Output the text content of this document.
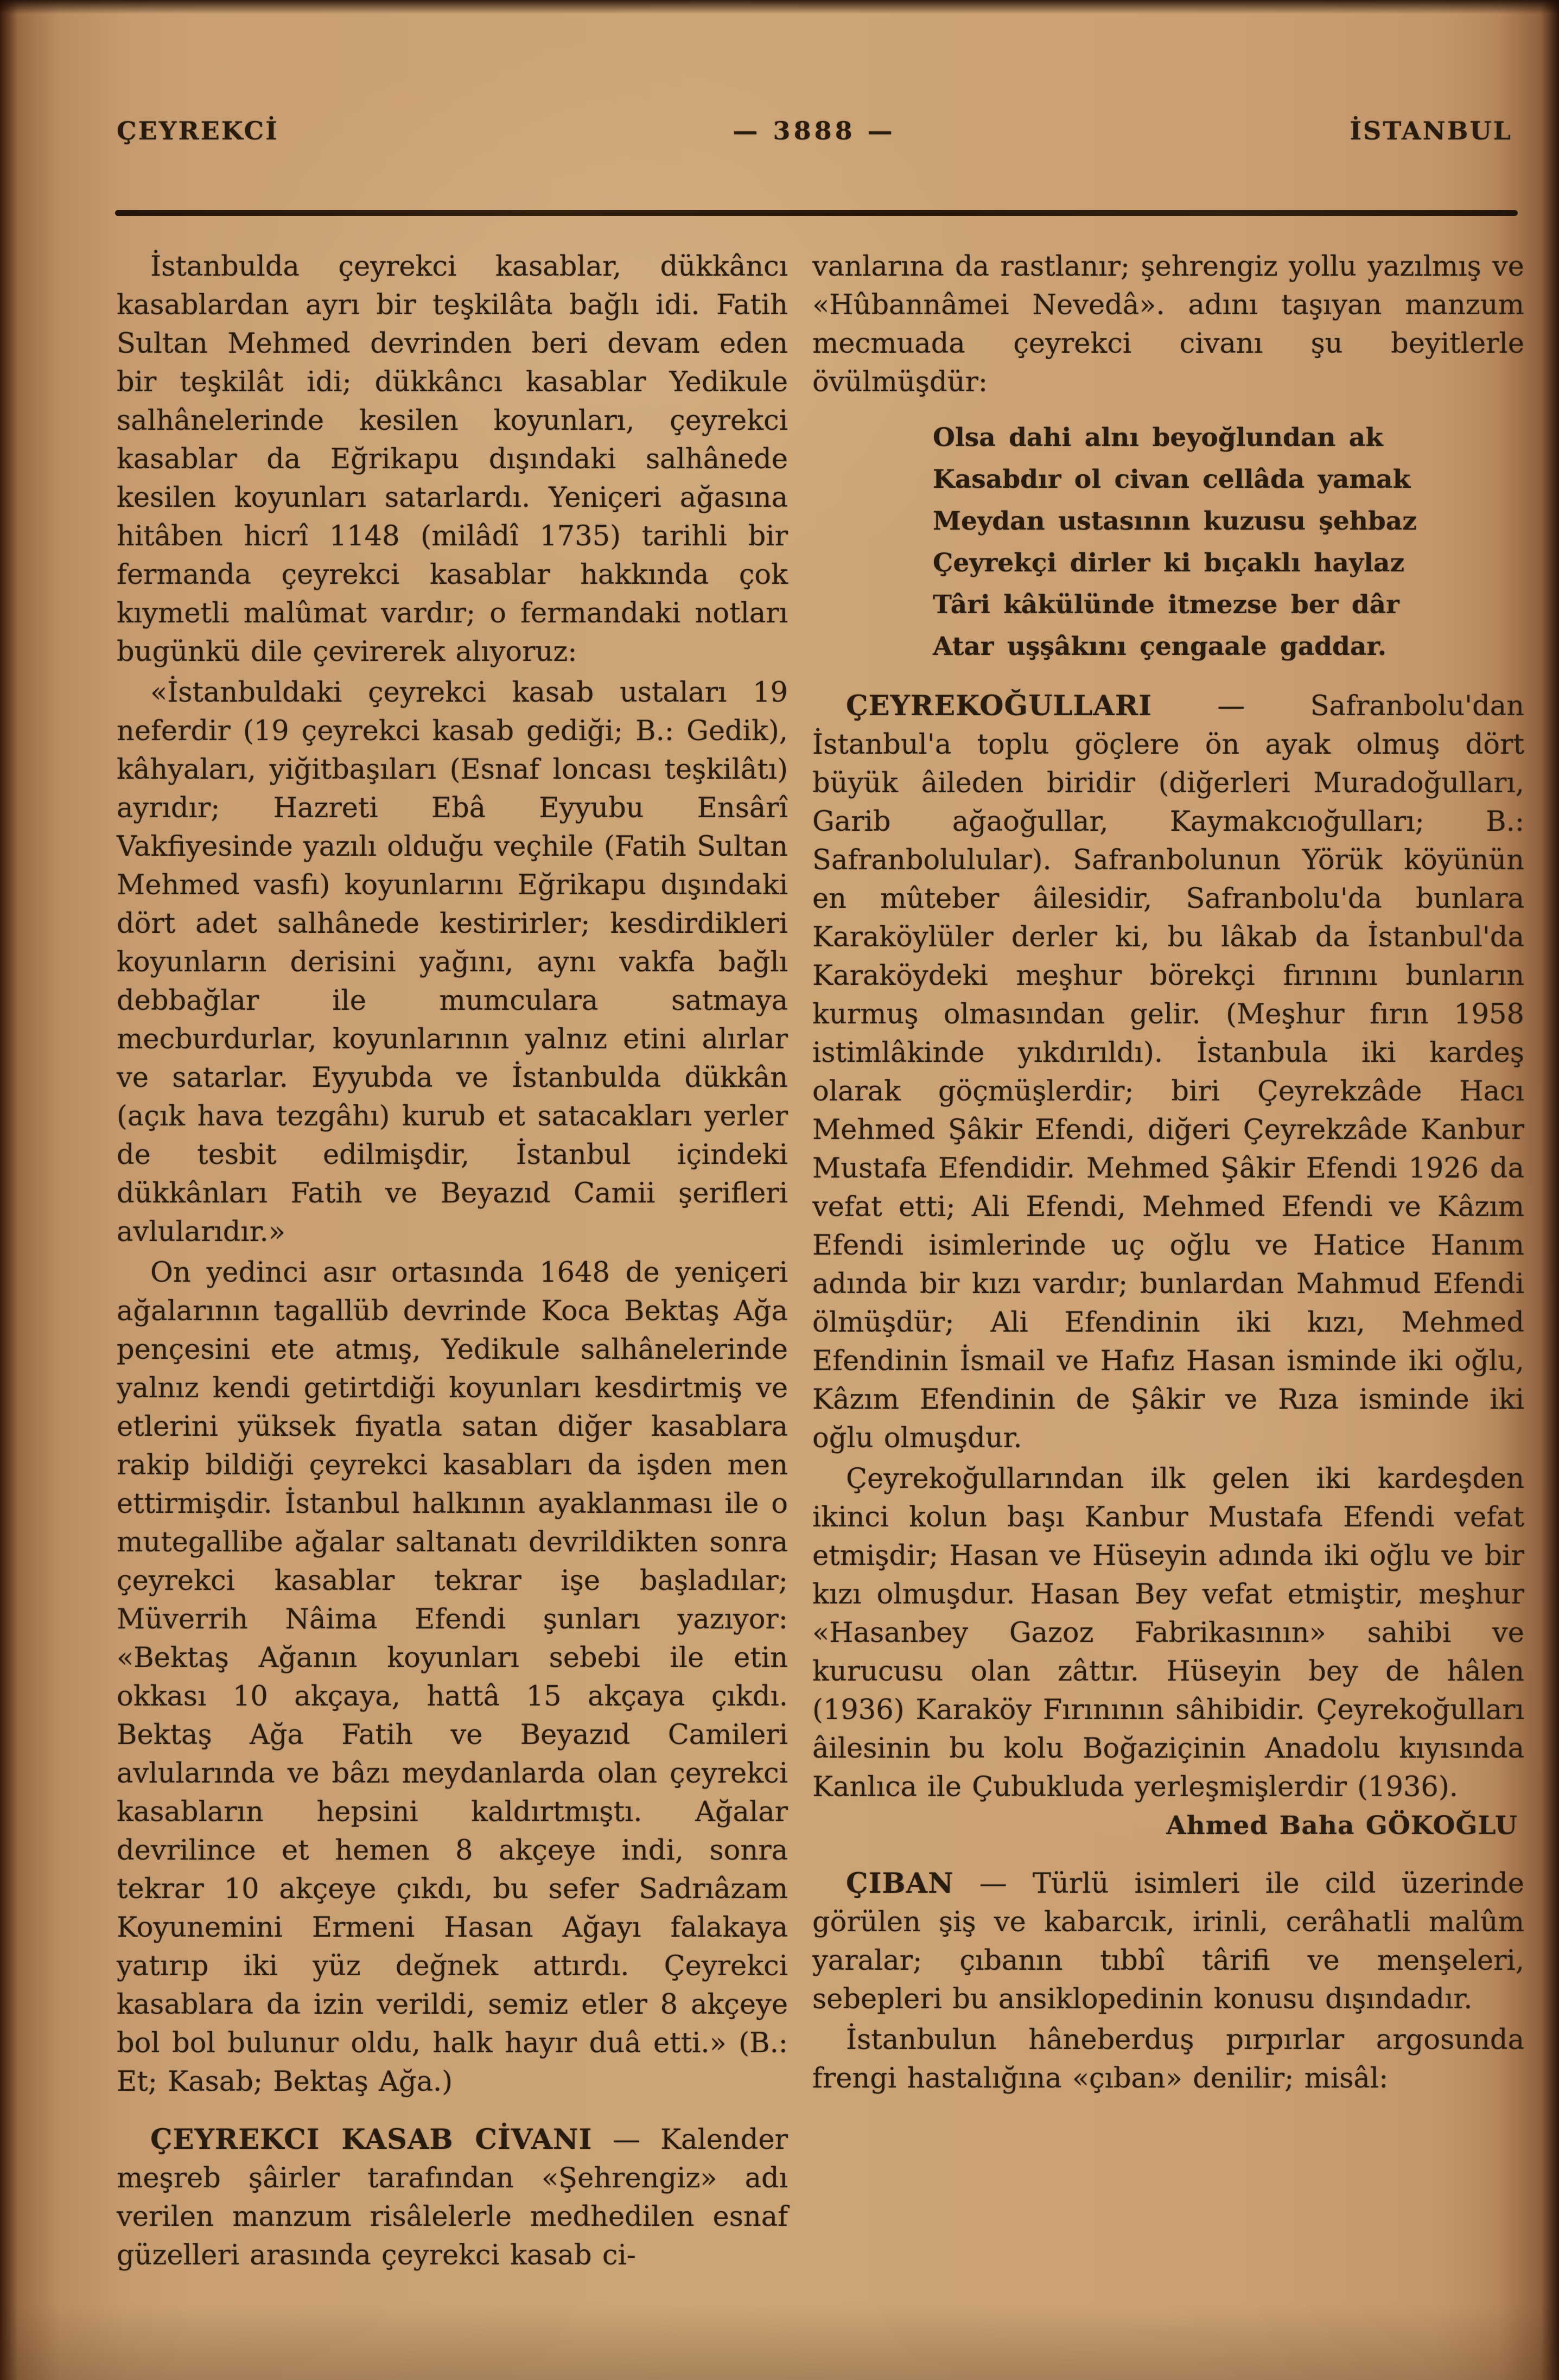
ÇEYREKCİ	— 3888 —	İSTANBUL

İstanbulda çeyrekci kasablar, dükkâncı kasablardan ayrı bir teşkilâta bağlı idi. Fatih Sultan Mehmed devrinden beri devam eden bir teşkilât idi; dükkâncı kasablar Yedikule salhânelerinde kesilen koyunları, çeyrekci kasablar da Eğrikapu dışındaki salhânede kesilen koyunları satarlardı. Yeniçeri ağasına hitâben hicrî 1148 (milâdî 1735) tarihli bir fermanda çeyrekci kasablar hakkında çok kıymetli malûmat vardır; o fermandaki notları bugünkü dile çevirerek alıyoruz:

«İstanbuldaki çeyrekci kasab ustaları 19 neferdir (19 çeyrekci kasab gediği; B.: Gedik), kâhyaları, yiğitbaşıları (Esnaf loncası teşkilâtı) ayrıdır; Hazreti Ebâ Eyyubu Ensârî Vakfiyesinde yazılı olduğu veçhile (Fatih Sultan Mehmed vasfı) koyunlarını Eğrikapu dışındaki dört adet salhânede kestirirler; kesdirdikleri koyunların derisini yağını, aynı vakfa bağlı debbağlar ile mumculara satmaya mecburdurlar, koyunlarının yalnız etini alırlar ve satarlar. Eyyubda ve İstanbulda dükkân (açık hava tezgâhı) kurub et satacakları yerler de tesbit edilmişdir, İstanbul içindeki dükkânları Fatih ve Beyazıd Camii şerifleri avlularıdır.»

On yedinci asır ortasında 1648 de yeniçeri ağalarının tagallüb devrinde Koca Bektaş Ağa pençesini ete atmış, Yedikule salhânelerinde yalnız kendi getirtdiği koyunları kesdirtmiş ve etlerini yüksek fiyatla satan diğer kasablara rakip bildiği çeyrekci kasabları da işden men ettirmişdir. İstanbul halkının ayaklanması ile o mutegallibe ağalar saltanatı devrildikten sonra çeyrekci kasablar tekrar işe başladılar; Müverrih Nâima Efendi şunları yazıyor: «Bektaş Ağanın koyunları sebebi ile etin okkası 10 akçaya, hattâ 15 akçaya çıkdı. Bektaş Ağa Fatih ve Beyazıd Camileri avlularında ve bâzı meydanlarda olan çeyrekci kasabların hepsini kaldırtmıştı. Ağalar devrilince et hemen 8 akçeye indi, sonra tekrar 10 akçeye çıkdı, bu sefer Sadrıâzam Koyunemini Ermeni Hasan Ağayı falakaya yatırıp iki yüz değnek attırdı. Çeyrekci kasablara da izin verildi, semiz etler 8 akçeye bol bol bulunur oldu, halk hayır duâ etti.» (B.: Et; Kasab; Bektaş Ağa.)

ÇEYREKCI KASAB CİVANI — Kalender meşreb şâirler tarafından «Şehrengiz» adı verilen manzum risâlelerle medhedilen esnaf güzelleri arasında çeyrekci kasab ci-

vanlarına da rastlanır; şehrengiz yollu yazılmış ve «Hûbannâmei Nevedâ». adını taşıyan manzum mecmuada çeyrekci civanı şu beyitlerle övülmüşdür:

Olsa dahi alnı beyoğlundan ak
Kasabdır ol civan cellâda yamak
Meydan ustasının kuzusu şehbaz
Çeyrekçi dirler ki bıçaklı haylaz
Târi kâkülünde itmezse ber dâr
Atar uşşâkını çengaale gaddar.

ÇEYREKOĞULLARI — Safranbolu'dan İstanbul'a toplu göçlere ön ayak olmuş dört büyük âileden biridir (diğerleri Muradoğulları, Garib ağaoğullar, Kaymakcıoğulları; B.: Safranbolulular). Safranbolunun Yörük köyünün en mûteber âilesidir, Safranbolu'da bunlara Karaköylüler derler ki, bu lâkab da İstanbul'da Karaköydeki meşhur börekçi fırınını bunların kurmuş olmasından gelir. (Meşhur fırın 1958 istimlâkinde yıkdırıldı). İstanbula iki kardeş olarak göçmüşlerdir; biri Çeyrekzâde Hacı Mehmed Şâkir Efendi, diğeri Çeyrekzâde Kanbur Mustafa Efendidir. Mehmed Şâkir Efendi 1926 da vefat etti; Ali Efendi, Mehmed Efendi ve Kâzım Efendi isimlerinde uç oğlu ve Hatice Hanım adında bir kızı vardır; bunlardan Mahmud Efendi ölmüşdür; Ali Efendinin iki kızı, Mehmed Efendinin İsmail ve Hafız Hasan isminde iki oğlu, Kâzım Efendinin de Şâkir ve Rıza isminde iki oğlu olmuşdur.

Çeyrekoğullarından ilk gelen iki kardeşden ikinci kolun başı Kanbur Mustafa Efendi vefat etmişdir; Hasan ve Hüseyin adında iki oğlu ve bir kızı olmuşdur. Hasan Bey vefat etmiştir, meşhur «Hasanbey Gazoz Fabrikasının» sahibi ve kurucusu olan zâttır. Hüseyin bey de hâlen (1936) Karaköy Fırınının sâhibidir. Çeyrekoğulları âilesinin bu kolu Boğaziçinin Anadolu kıyısında Kanlıca ile Çubukluda yerleşmişlerdir (1936).

Ahmed Baha GÖKOĞLU

ÇIBAN — Türlü isimleri ile cild üzerinde görülen şiş ve kabarcık, irinli, cerâhatli malûm yaralar; çıbanın tıbbî târifi ve menşeleri, sebepleri bu ansiklopedinin konusu dışındadır.

İstanbulun hâneberduş pırpırlar argosunda frengi hastalığına «çıban» denilir; misâl:
